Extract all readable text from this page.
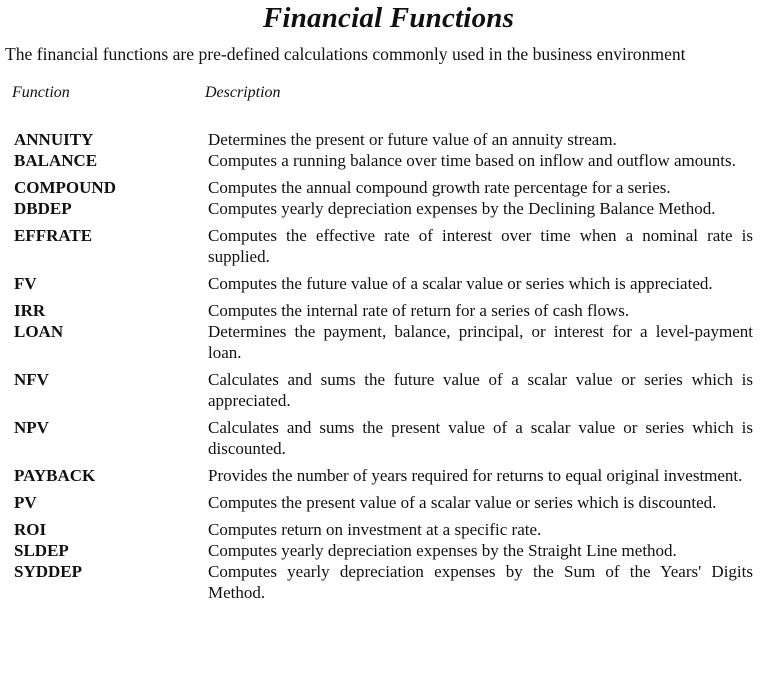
Financial Functions
The financial functions are pre-defined calculations commonly used in the business environment
Function	Description
ANNUITY	Determines the present or future value of an annuity stream.
BALANCE	Computes a running balance over time based on inflow and outflow amounts.
COMPOUND	Computes the annual compound growth rate percentage for a series.
DBDEP	Computes yearly depreciation expenses by the Declining Balance Method.
EFFRATE	Computes the effective rate of interest over time when a nominal rate is supplied.
FV	Computes the future value of a scalar value or series which is appreciated.
IRR	Computes the internal rate of return for a series of cash flows.
LOAN	Determines the payment, balance, principal, or interest for a level-payment loan.
NFV	Calculates and sums the future value of a scalar value or series which is appreciated.
NPV	Calculates and sums the present value of a scalar value or series which is discounted.
PAYBACK	Provides the number of years required for returns to equal original investment.
PV	Computes the present value of a scalar value or series which is discounted.
ROI	Computes return on investment at a specific rate.
SLDEP	Computes yearly depreciation expenses by the Straight Line method.
SYDDEP	Computes yearly depreciation expenses by the Sum of the Years' Digits Method.
